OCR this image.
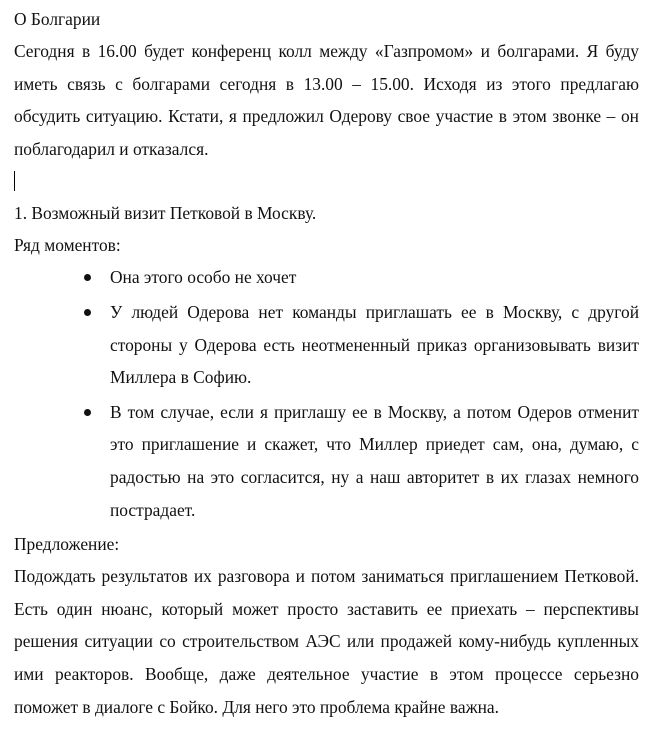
О Болгарии

Сегодня в 16.00 будет конференц колл между «Газпромом» и болгарами. Я буду иметь связь с болгарами сегодня в 13.00 – 15.00. Исходя из этого предлагаю обсудить ситуацию. Кстати, я предложил Одерову свое участие в этом звонке – он поблагодарил и отказался.

1. Возможный визит Петковой в Москву.

Ряд моментов:

Она этого особо не хочет
У людей Одерова нет команды приглашать ее в Москву, с другой стороны у Одерова есть неотмененный приказ организовывать визит Миллера в Софию.
В том случае, если я приглашу ее в Москву, а потом Одеров отменит это приглашение и скажет, что Миллер приедет сам, она, думаю, с радостью на это согласится, ну а наш авторитет в их глазах немного пострадает.

Предложение:

Подождать результатов их разговора и потом заниматься приглашением Петковой. Есть один нюанс, который может просто заставить ее приехать – перспективы решения ситуации со строительством АЭС или продажей кому-нибудь купленных ими реакторов. Вообще, даже деятельное участие в этом процессе серьезно поможет в диалоге с Бойко. Для него это проблема крайне важна.
